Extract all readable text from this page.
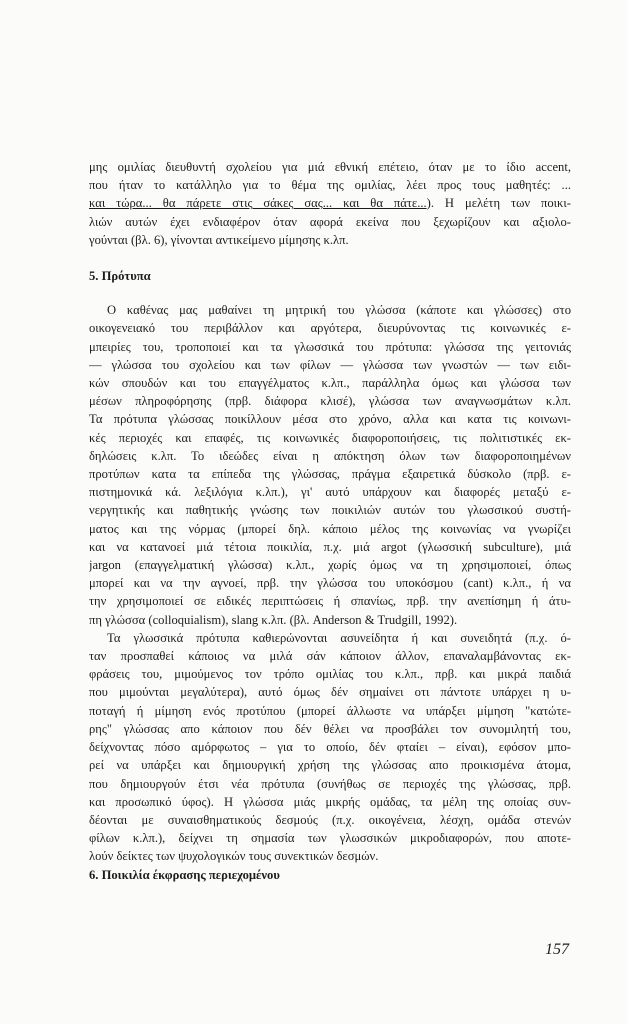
μης ομιλίας διευθυντή σχολείου για μιά εθνική επέτειο, όταν με το ίδιο accent,
που ήταν το κατάλληλο για το θέμα της ομιλίας, λέει προς τους μαθητές: ...
και τώρα... θα πάρετε στις σάκες σας... και θα πάτε...). Η μελέτη των ποικι-
λιών αυτών έχει ενδιαφέρον όταν αφορά εκείνα που ξεχωρίζουν και αξιολο-
γούνται (βλ. 6), γίνονται αντικείμενο μίμησης κ.λπ.
5. Πρότυπα
Ο καθένας μας μαθαίνει τη μητρική του γλώσσα (κάποτε και γλώσσες) στο
οικογενειακό του περιβάλλον και αργότερα, διευρύνοντας τις κοινωνικές ε-
μπειρίες του, τροποποιεί και τα γλωσσικά του πρότυπα: γλώσσα της γειτονιάς
— γλώσσα του σχολείου και των φίλων — γλώσσα των γνωστών — των ειδι-
κών σπουδών και του επαγγέλματος κ.λπ., παράλληλα όμως και γλώσσα των
μέσων πληροφόρησης (πρβ. διάφορα κλισέ), γλώσσα των αναγνωσμάτων κ.λπ.
Τα πρότυπα γλώσσας ποικίλλουν μέσα στο χρόνο, αλλα και κατα τις κοινωνι-
κές περιοχές και επαφές, τις κοινωνικές διαφοροποιήσεις, τις πολιτιστικές εκ-
δηλώσεις κ.λπ. Το ιδεώδες είναι η απόκτηση όλων των διαφοροποιημένων
προτύπων κατα τα επίπεδα της γλώσσας, πράγμα εξαιρετικά δύσκολο (πρβ. ε-
πιστημονικά κά. λεξιλόγια κ.λπ.), γι' αυτό υπάρχουν και διαφορές μεταξύ ε-
νεργητικής και παθητικής γνώσης των ποικιλιών αυτών του γλωσσικού συστή-
ματος και της νόρμας (μπορεί δηλ. κάποιο μέλος της κοινωνίας να γνωρίζει
και να κατανοεί μιά τέτοια ποικιλία, π.χ. μιά argot (γλωσσική subculture), μιά
jargon (επαγγελματική γλώσσα) κ.λπ., χωρίς όμως να τη χρησιμοποιεί, όπως
μπορεί και να την αγνοεί, πρβ. την γλώσσα του υποκόσμου (cant) κ.λπ., ή να
την χρησιμοποιεί σε ειδικές περιπτώσεις ή σπανίως, πρβ. την ανεπίσημη ή άτυ-
πη γλώσσα (colloquialism), slang κ.λπ. (βλ. Anderson & Trudgill, 1992).
Τα γλωσσικά πρότυπα καθιερώνονται ασυνείδητα ή και συνειδητά (π.χ. ό-
ταν προσπαθεί κάποιος να μιλά σάν κάποιον άλλον, επαναλαμβάνοντας εκ-
φράσεις του, μιμούμενος τον τρόπο ομιλίας του κ.λπ., πρβ. και μικρά παιδιά
που μιμούνται μεγαλύτερα), αυτό όμως δέν σημαίνει οτι πάντοτε υπάρχει η υ-
ποταγή ή μίμηση ενός προτύπου (μπορεί άλλωστε να υπάρξει μίμηση "κατώτε-
ρης" γλώσσας απο κάποιον που δέν θέλει να προσβάλει τον συνομιλητή του,
δείχνοντας πόσο αμόρφωτος – για το οποίο, δέν φταίει – είναι), εφόσον μπο-
ρεί να υπάρξει και δημιουργική χρήση της γλώσσας απο προικισμένα άτομα,
που δημιουργούν έτσι νέα πρότυπα (συνήθως σε περιοχές της γλώσσας, πρβ.
και προσωπικό ύφος). Η γλώσσα μιάς μικρής ομάδας, τα μέλη της οποίας συν-
δέονται με συναισθηματικούς δεσμούς (π.χ. οικογένεια, λέσχη, ομάδα στενών
φίλων κ.λπ.), δείχνει τη σημασία των γλωσσικών μικροδιαφορών, που αποτε-
λούν δείκτες των ψυχολογικών τους συνεκτικών δεσμών.
6. Ποικιλία έκφρασης περιεχομένου
157
